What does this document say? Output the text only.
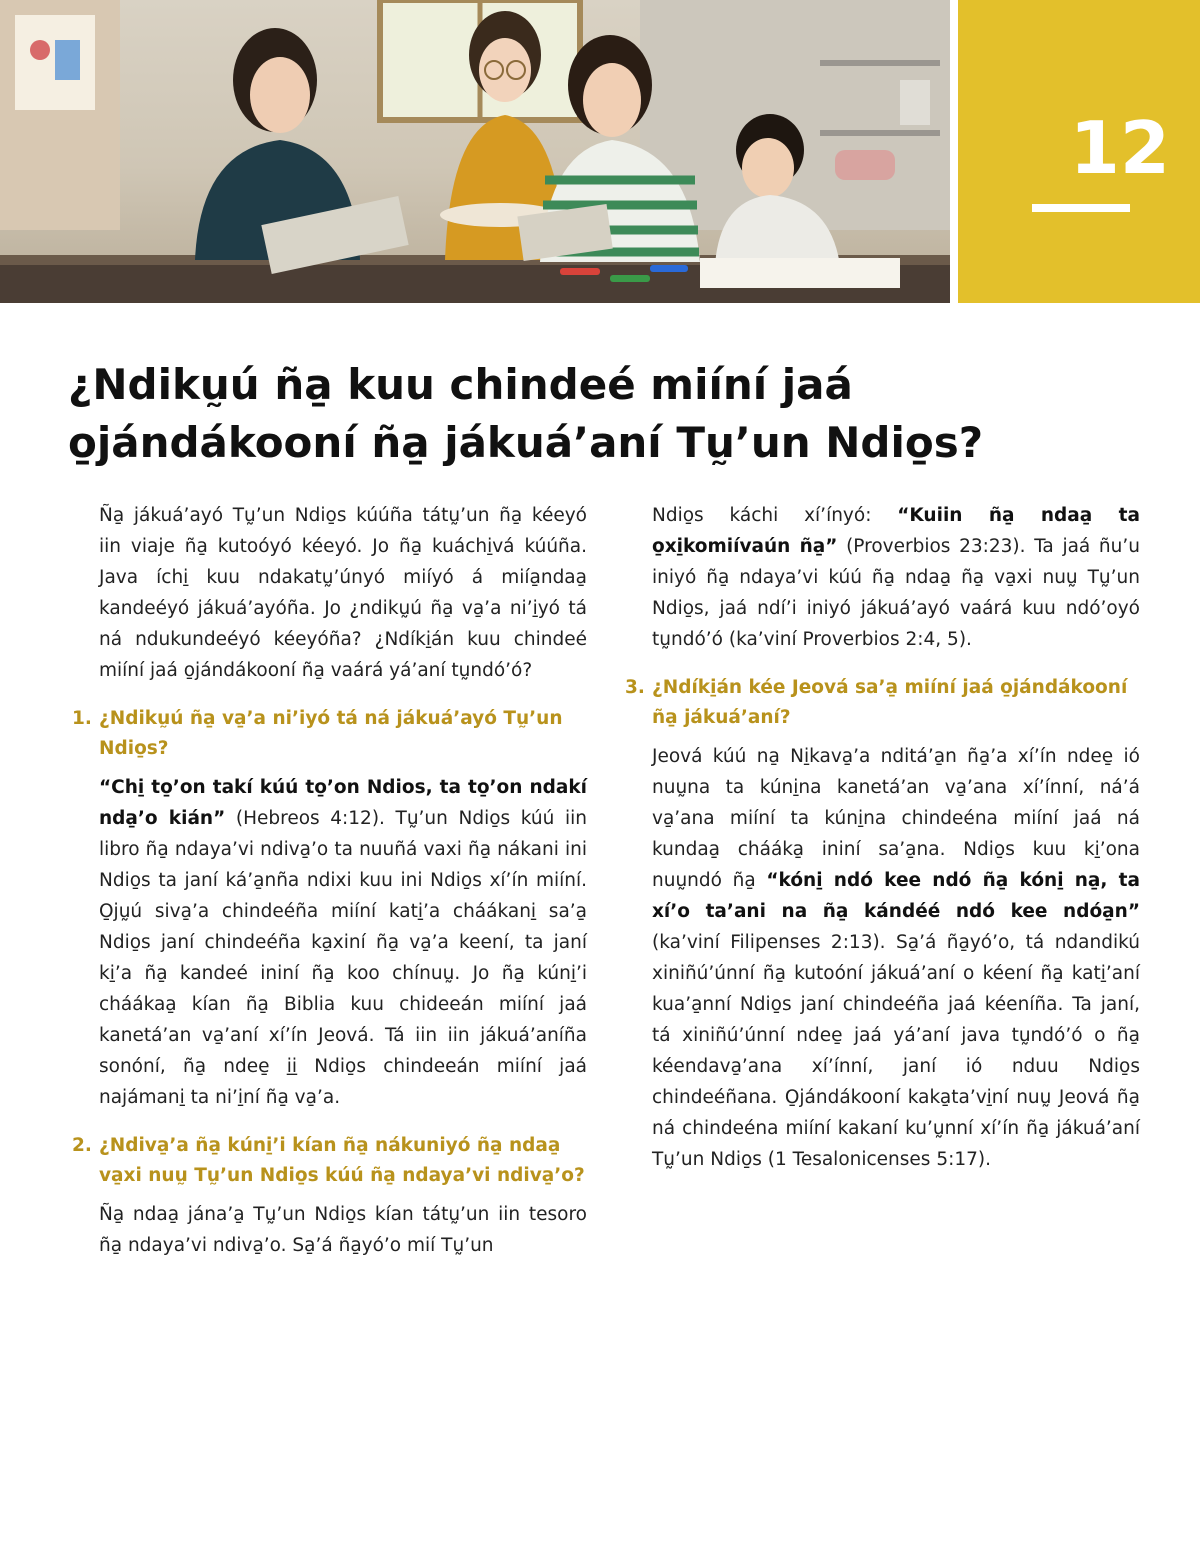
12
¿Ndikṵú ña̱ kuu chindeé miíní jaá o̱jándákooní ña̱ jákuá’aní Tṵ’un Ndio̱s?

Ña̱ jákuá’ayó Tṵ’un Ndio̱s kúúña tátṵ’un ña̱ kéeyó iin viaje ña̱ kutoóyó kéeyó. Jo ña̱ kuáchi̱vá kúúña. Java íchi̱ kuu ndakatṵ’únyó miíyó á miía̱ndaa̱ kandeéyó jákuá’ayóña. Jo ¿ndikṵú ña̱ va̱’a ni’i̱yó tá ná ndukundeéyó kéeyóña? ¿Ndíki̱án kuu chindeé miíní jaá o̱jándákooní ña̱ vaárá yá’aní tṵndó’ó?

1. ¿Ndikṵú ña̱ va̱’a ni’iyó tá ná jákuá’ayó Tṵ’un Ndio̱s?

“Chi̱ to̱’on takí kúú to̱’on Ndios, ta to̱’on ndakí nda̱’o kián” (Hebreos 4:12). Tṵ’un Ndio̱s kúú iin libro ña̱ ndaya’vi ndiva̱’o ta nuuñá vaxi ña̱ nákani ini Ndio̱s ta janí ká’a̱nña ndixi kuu ini Ndio̱s xí’ín miíní. O̱jṵú siva̱’a chindeéña miíní kati̱’a cháákani̱ sa’a̱ Ndio̱s janí chindeéña ka̱xiní ña̱ va̱’a keení, ta janí ki̱’a ña̱ kandeé ininí ña̱ koo chínuṵ. Jo ña̱ kúni̱’i cháákaa̱ kían ña̱ Biblia kuu chideeán miíní jaá kanetá’an va̱’aní xí’ín Jeová. Tá iin iin jákuá’aníña sonóní, ña̱ ndee̱ i̱i̱ Ndio̱s chindeeán miíní jaá najámani̱ ta ni’i̱ní ña̱ va̱’a.

2. ¿Ndiva̱’a ña̱ kúni̱’i kían ña̱ nákuniyó ña̱ ndaa̱ va̱xi nuṵ Tṵ’un Ndio̱s kúú ña̱ ndaya’vi ndiva̱’o?

Ña̱ ndaa̱ jána’a̱ Tṵ’un Ndio̱s kían tátṵ’un iin tesoro ña̱ ndaya’vi ndiva̱’o. Sa̱’á ña̱yó’o mií Tṵ’un

Ndio̱s káchi xí’ínyó: “Kuiin ña̱ ndaa̱ ta o̱xi̱komiívaún ña̱” (Proverbios 23:23). Ta jaá ñu’u iniyó ña̱ ndaya’vi kúú ña̱ ndaa̱ ña̱ va̱xi nuṵ Tṵ’un Ndio̱s, jaá ndí’i iniyó jákuá’ayó vaárá kuu ndó’oyó tṵndó’ó (ka’viní Proverbios 2:4, 5).

3. ¿Ndíki̱án kée Jeová sa’a̱ miíní jaá o̱jándákooní ña̱ jákuá’aní?

Jeová kúú na̱ Ni̱kava̱’a nditá’a̱n ña̱’a xí’ín ndee̱ ió nuṵna ta kúni̱na kanetá’an va̱’ana xí’ínní, ná’á va̱’ana miíní ta kúni̱na chindeéna miíní jaá ná kundaa̱ chááka̱ ininí sa’a̱na. Ndio̱s kuu ki̱’ona nuṵndó ña̱ “kóni̱ ndó kee ndó ña̱ kóni̱ na̱, ta xí’o ta’ani na ña̱ kándéé ndó kee ndóa̱n” (ka’viní Filipenses 2:13). Sa̱’á ña̱yó’o, tá ndandikú xiniñú’únní ña̱ kutoóní jákuá’aní o kéení ña̱ kati̱’aní kua’a̱nní Ndio̱s janí chindeéña jaá kéeníña. Ta janí, tá xiniñú’únní ndee̱ jaá yá’aní java tṵndó’ó o ña̱ kéendava̱’ana xí’ínní, janí ió nduu Ndio̱s chindeéñana. O̱jándákooní kaka̱ta’vi̱ní nuṵ Jeová ña̱ ná chindeéna miíní kakaní ku’ṵnní xí’ín ña̱ jákuá’aní Tṵ’un Ndio̱s (1 Tesalonicenses 5:17).
